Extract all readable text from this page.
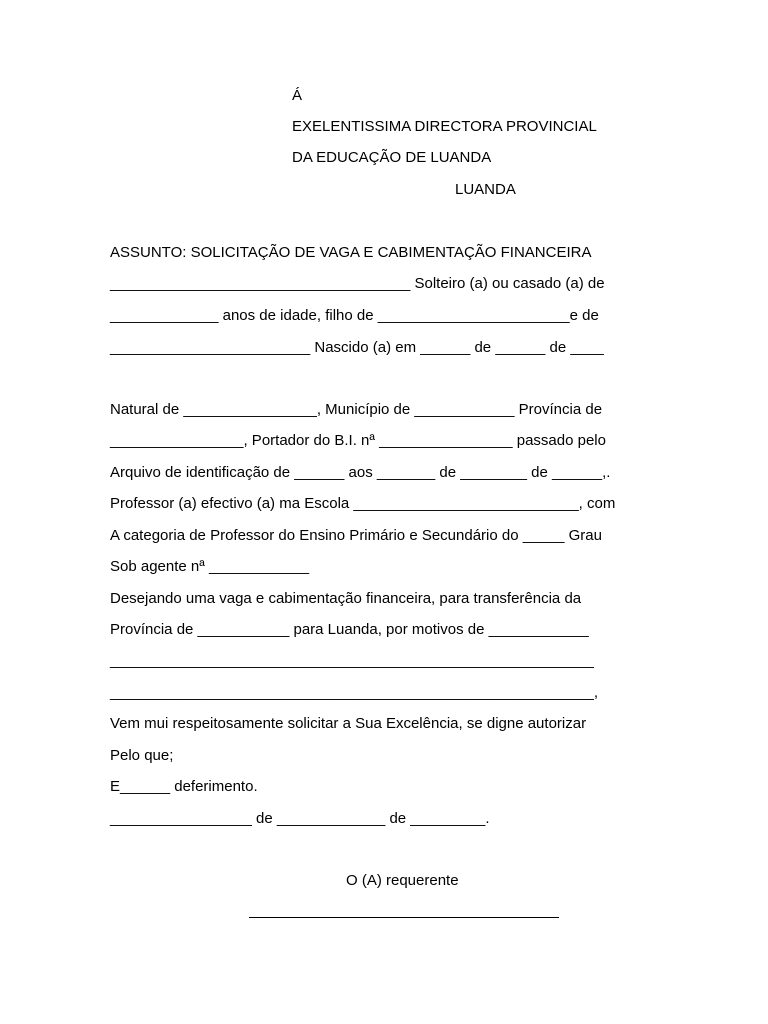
Á

EXELENTISSIMA DIRECTORA PROVINCIAL

DA EDUCAÇÃO DE LUANDA

LUANDA

ASSUNTO: SOLICITAÇÃO DE VAGA E CABIMENTAÇÃO FINANCEIRA

____________________________________ Solteiro (a) ou casado (a) de

_____________ anos de idade, filho de _______________________e de

________________________ Nascido (a) em ______ de ______ de ____

Natural de ________________, Município de ____________ Província de

________________, Portador do B.I. nª ________________ passado pelo

Arquivo de identificação de ______ aos _______ de ________ de ______,.

Professor (a) efectivo (a) ma Escola ___________________________, com

A categoria de Professor do Ensino Primário e Secundário do _____ Grau

Sob agente nª ____________

Desejando uma vaga e cabimentação financeira, para transferência da

Província de ___________ para Luanda, por motivos de ____________

__________________________________________________________

__________________________________________________________,

Vem mui respeitosamente solicitar a Sua Excelência, se digne autorizar

Pelo que;

E______ deferimento.

_________________ de _____________ de _________.

O (A) requerente
